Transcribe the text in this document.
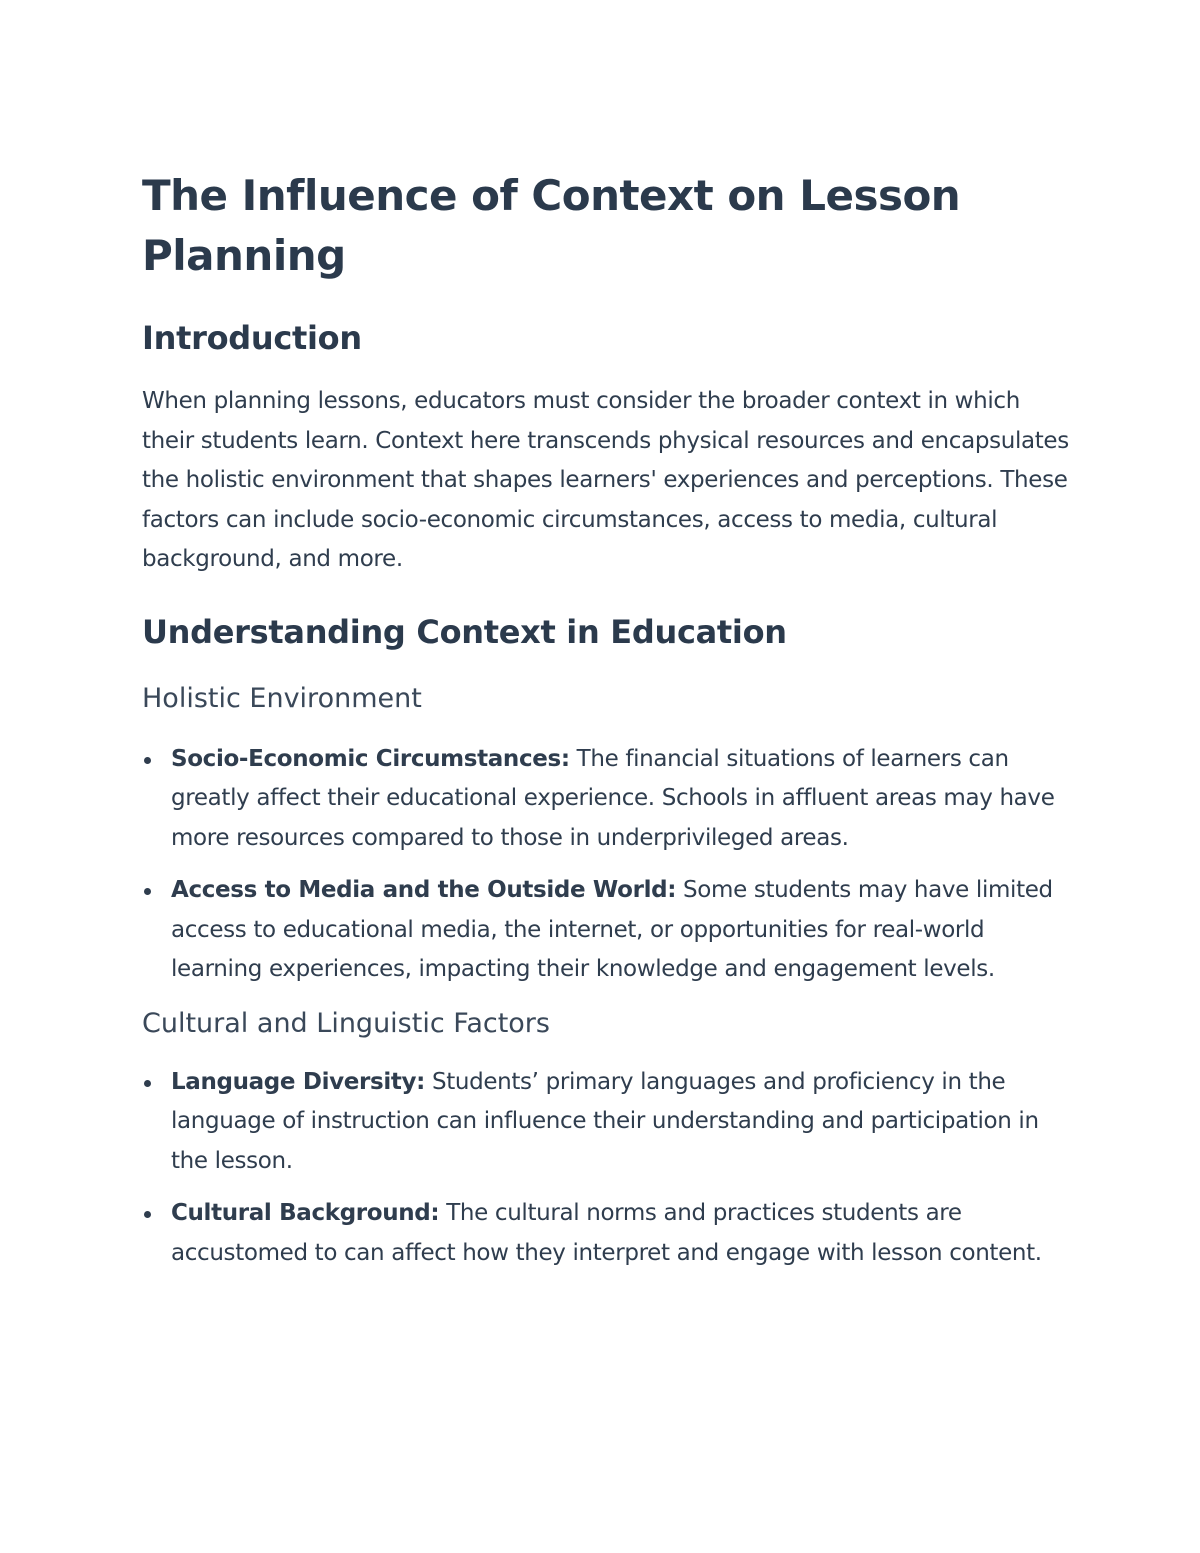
The Influence of Context on Lesson Planning
Introduction

When planning lessons, educators must consider the broader context in which their students learn. Context here transcends physical resources and encapsulates the holistic environment that shapes learners' experiences and perceptions. These factors can include socio-economic circumstances, access to media, cultural background, and more.

Understanding Context in Education
Holistic Environment
Socio-Economic Circumstances: The financial situations of learners can greatly affect their educational experience. Schools in affluent areas may have more resources compared to those in underprivileged areas.
Access to Media and the Outside World: Some students may have limited access to educational media, the internet, or opportunities for real-world learning experiences, impacting their knowledge and engagement levels.
Cultural and Linguistic Factors
Language Diversity: Students’ primary languages and proficiency in the language of instruction can influence their understanding and participation in the lesson.
Cultural Background: The cultural norms and practices students are accustomed to can affect how they interpret and engage with lesson content.
